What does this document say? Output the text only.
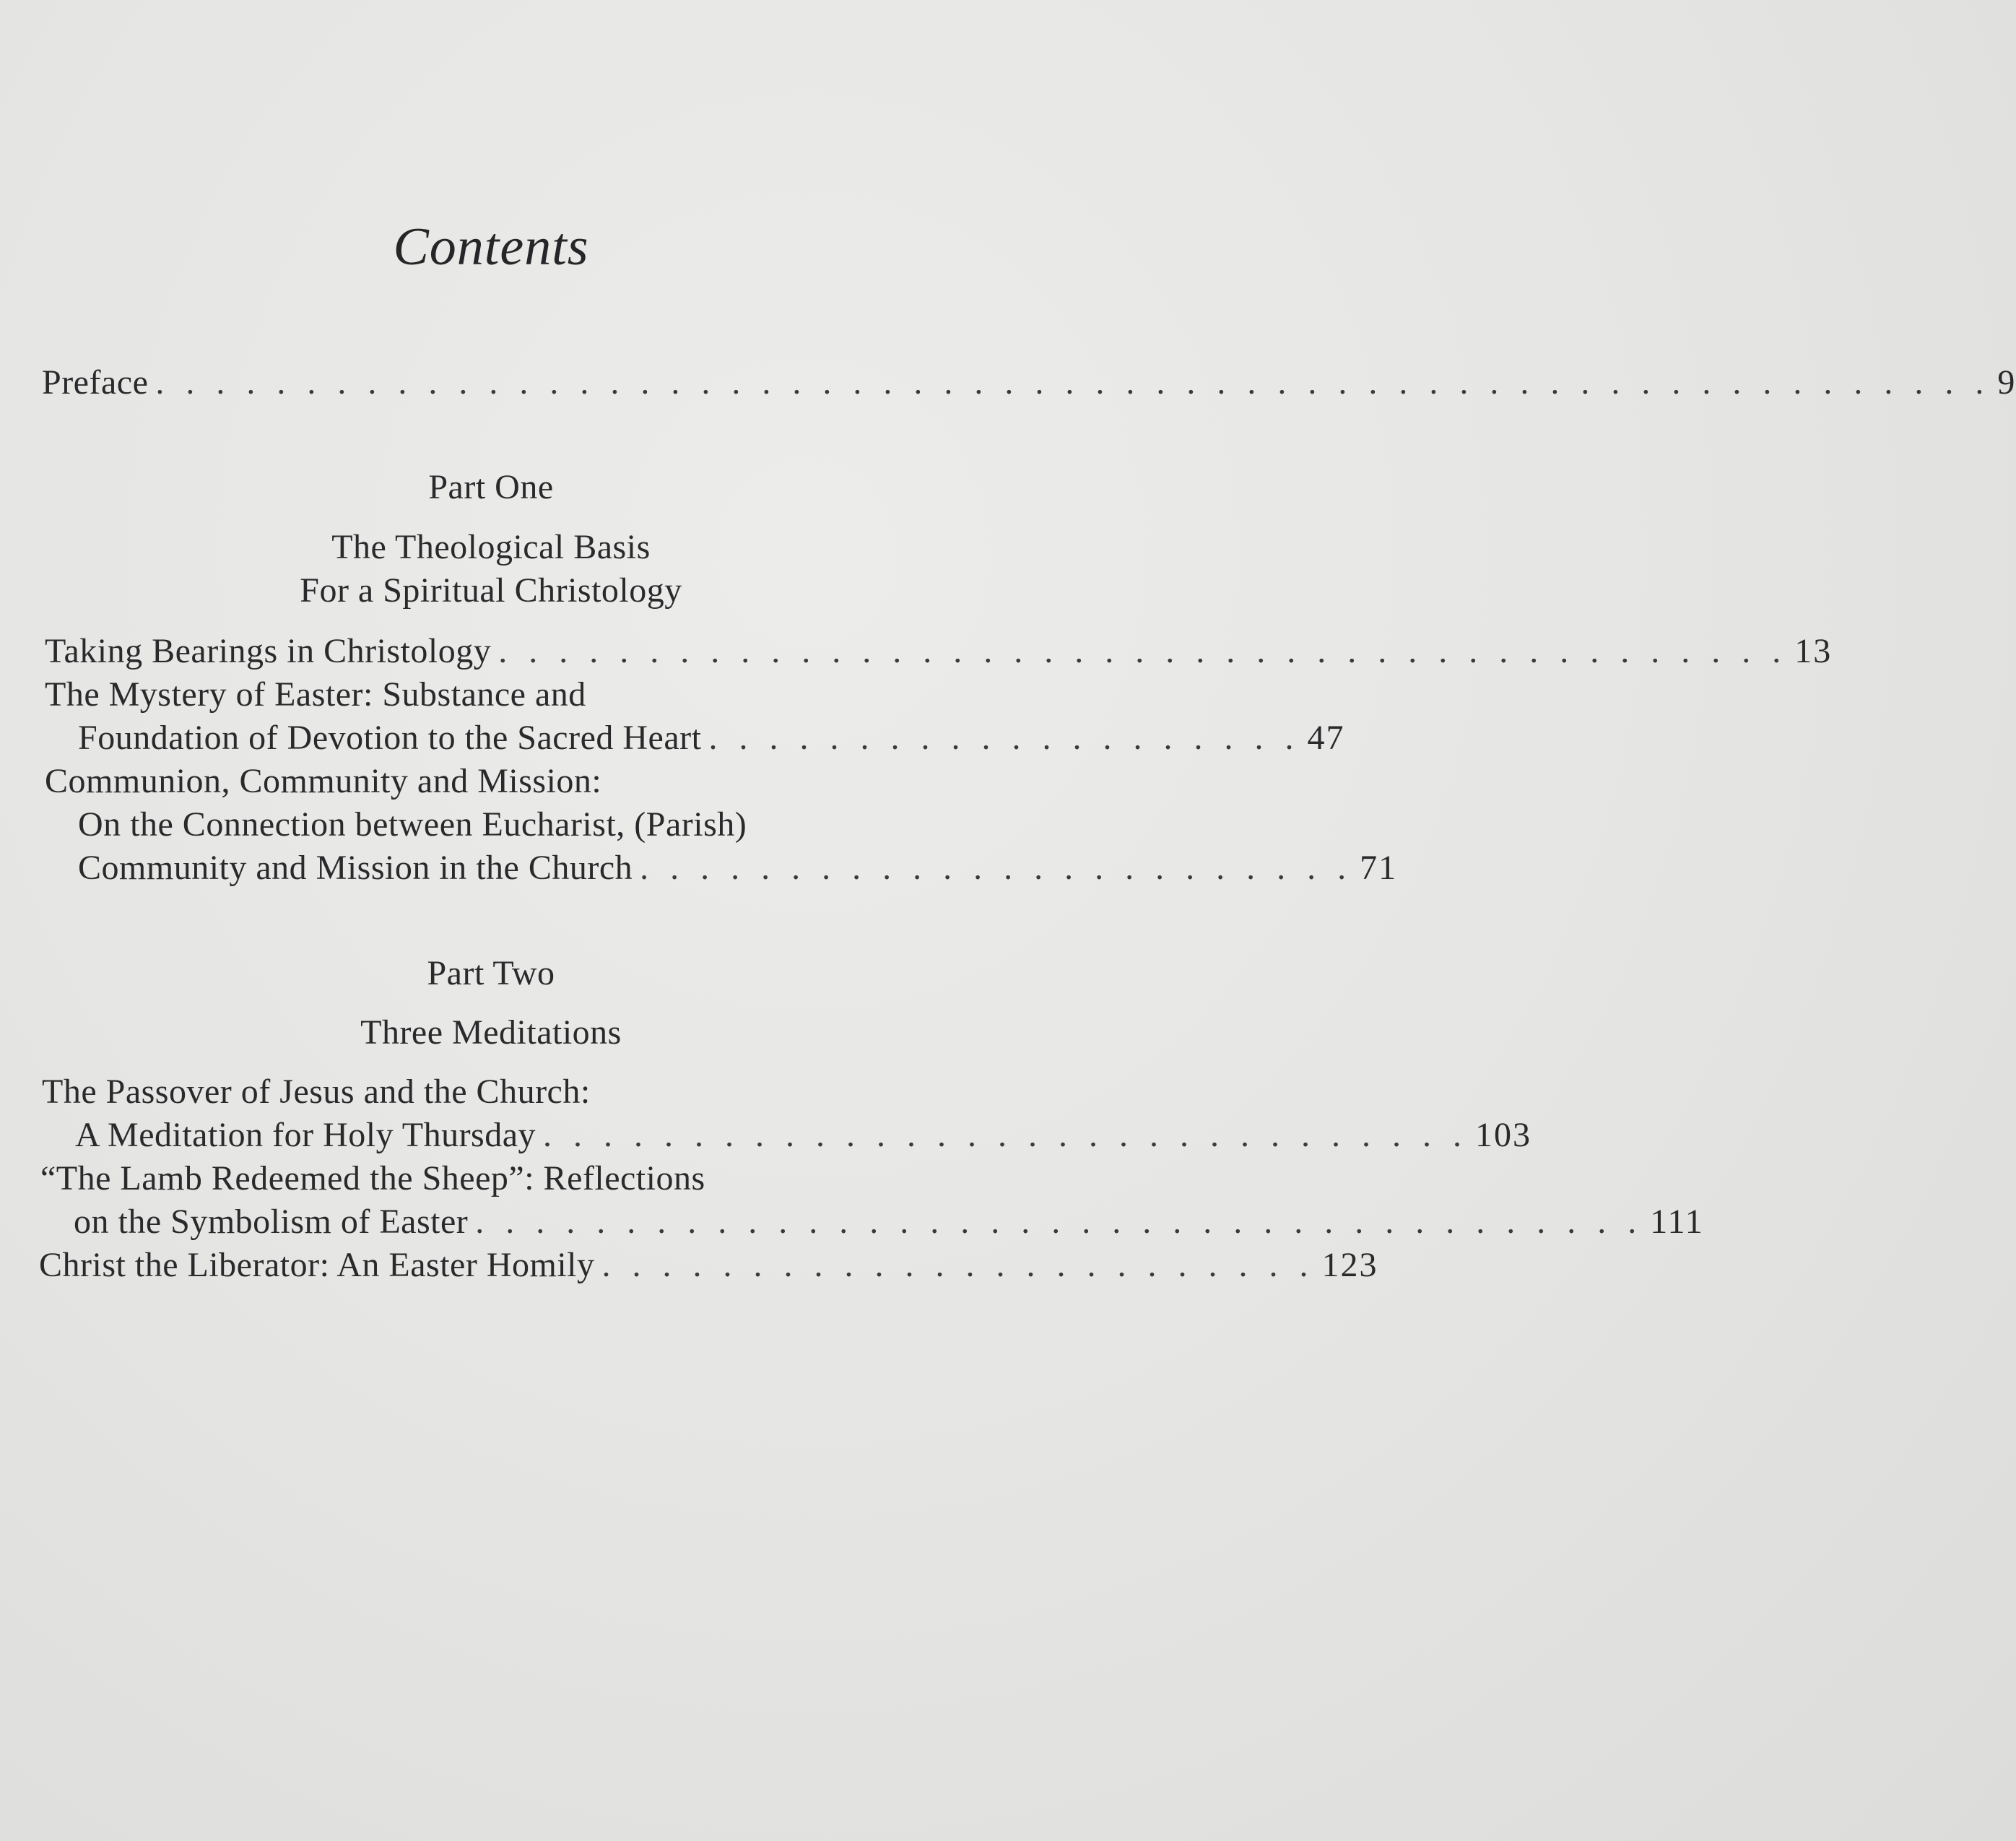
Contents
Preface . . . . . . . . . . . . . . . . . . . . . . . . . . . . . . . . . . . . . . . . . . . . . . . . . . . . . . . . . . . . . 9
Part One
The Theological Basis
For a Spiritual Christology
Taking Bearings in Christology . . . . . . . . . . . . . . . . . . . . . . . . . . . . . . . . . . . . . . . . . . . 13
The Mystery of Easter: Substance and
Foundation of Devotion to the Sacred Heart . . . . . . . . . . . . . . . . . . . . 47
Communion, Community and Mission:
On the Connection between Eucharist, (Parish)
Community and Mission in the Church . . . . . . . . . . . . . . . . . . . . . . . . 71
Part Two
Three Meditations
The Passover of Jesus and the Church:
A Meditation for Holy Thursday . . . . . . . . . . . . . . . . . . . . . . . . . . . . . . . 103
“The Lamb Redeemed the Sheep”: Reflections
on the Symbolism of Easter . . . . . . . . . . . . . . . . . . . . . . . . . . . . . . . . . . . . . . . 111
Christ the Liberator: An Easter Homily . . . . . . . . . . . . . . . . . . . . . . . . 123
